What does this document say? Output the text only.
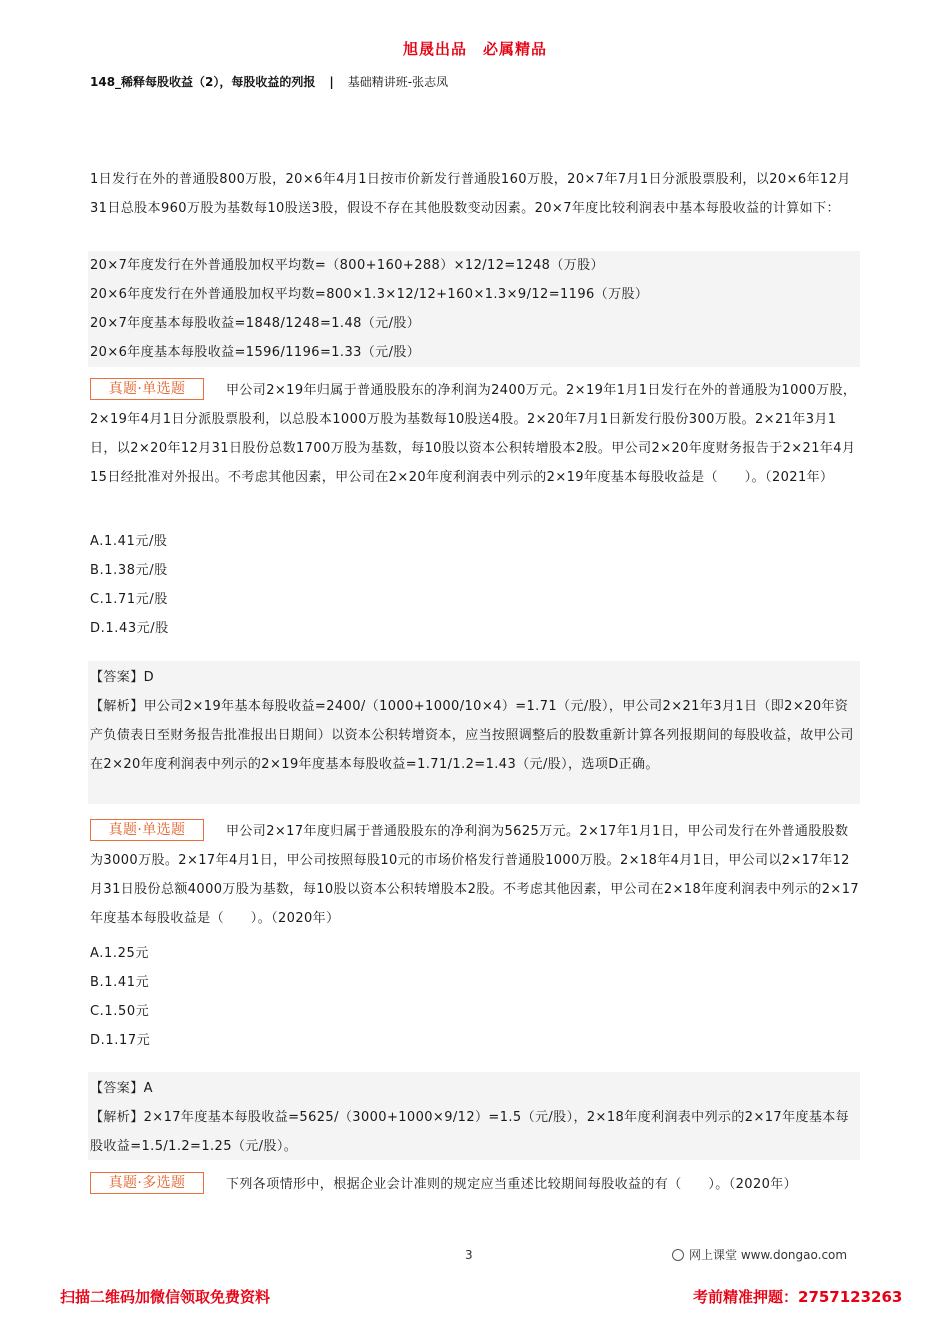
旭晟出品　必属精品
148_稀释每股收益（2），每股收益的列报 | 基础精讲班-张志凤

1日发行在外的普通股800万股，20×6年4月1日按市价新发行普通股160万股，20×7年7月1日分派股票股利，以20×6年12月31日总股本960万股为基数每10股送3股，假设不存在其他股数变动因素。20×7年度比较利润表中基本每股收益的计算如下：

20×7年度发行在外普通股加权平均数=（800+160+288）×12/12=1248（万股）
20×6年度发行在外普通股加权平均数=800×1.3×12/12+160×1.3×9/12=1196（万股）
20×7年度基本每股收益=1848/1248=1.48（元/股）
20×6年度基本每股收益=1596/1196=1.33（元/股）

真题·单选题	甲公司2×19年归属于普通股股东的净利润为2400万元。2×19年1月1日发行在外的普通股为1000万股，2×19年4月1日分派股票股利，以总股本1000万股为基数每10股送4股。2×20年7月1日新发行股份300万股。2×21年3月1日，以2×20年12月31日股份总数1700万股为基数，每10股以资本公积转增股本2股。甲公司2×20年度财务报告于2×21年4月15日经批准对外报出。不考虑其他因素，甲公司在2×20年度利润表中列示的2×19年度基本每股收益是（　　）。（2021年）

A.1.41元/股
B.1.38元/股
C.1.71元/股
D.1.43元/股
【答案】D
【解析】甲公司2×19年基本每股收益=2400/（1000+1000/10×4）=1.71（元/股），甲公司2×21年3月1日（即2×20年资产负债表日至财务报告批准报出日期间）以资本公积转增资本，应当按照调整后的股数重新计算各列报期间的每股收益，故甲公司在2×20年度利润表中列示的2×19年度基本每股收益=1.71/1.2=1.43（元/股），选项D正确。

真题·单选题	甲公司2×17年度归属于普通股股东的净利润为5625万元。2×17年1月1日，甲公司发行在外普通股股数为3000万股。2×17年4月1日，甲公司按照每股10元的市场价格发行普通股1000万股。2×18年4月1日，甲公司以2×17年12月31日股份总额4000万股为基数，每10股以资本公积转增股本2股。不考虑其他因素，甲公司在2×18年度利润表中列示的2×17年度基本每股收益是（　　）。（2020年）

A.1.25元
B.1.41元
C.1.50元
D.1.17元
【答案】A
【解析】2×17年度基本每股收益=5625/（3000+1000×9/12）=1.5（元/股），2×18年度利润表中列示的2×17年度基本每股收益=1.5/1.2=1.25（元/股）。

真题·多选题	下列各项情形中，根据企业会计准则的规定应当重述比较期间每股收益的有（　　）。（2020年）

3	网上课堂 www.dongao.com
扫描二维码加微信领取免费资料	考前精准押题：2757123263
